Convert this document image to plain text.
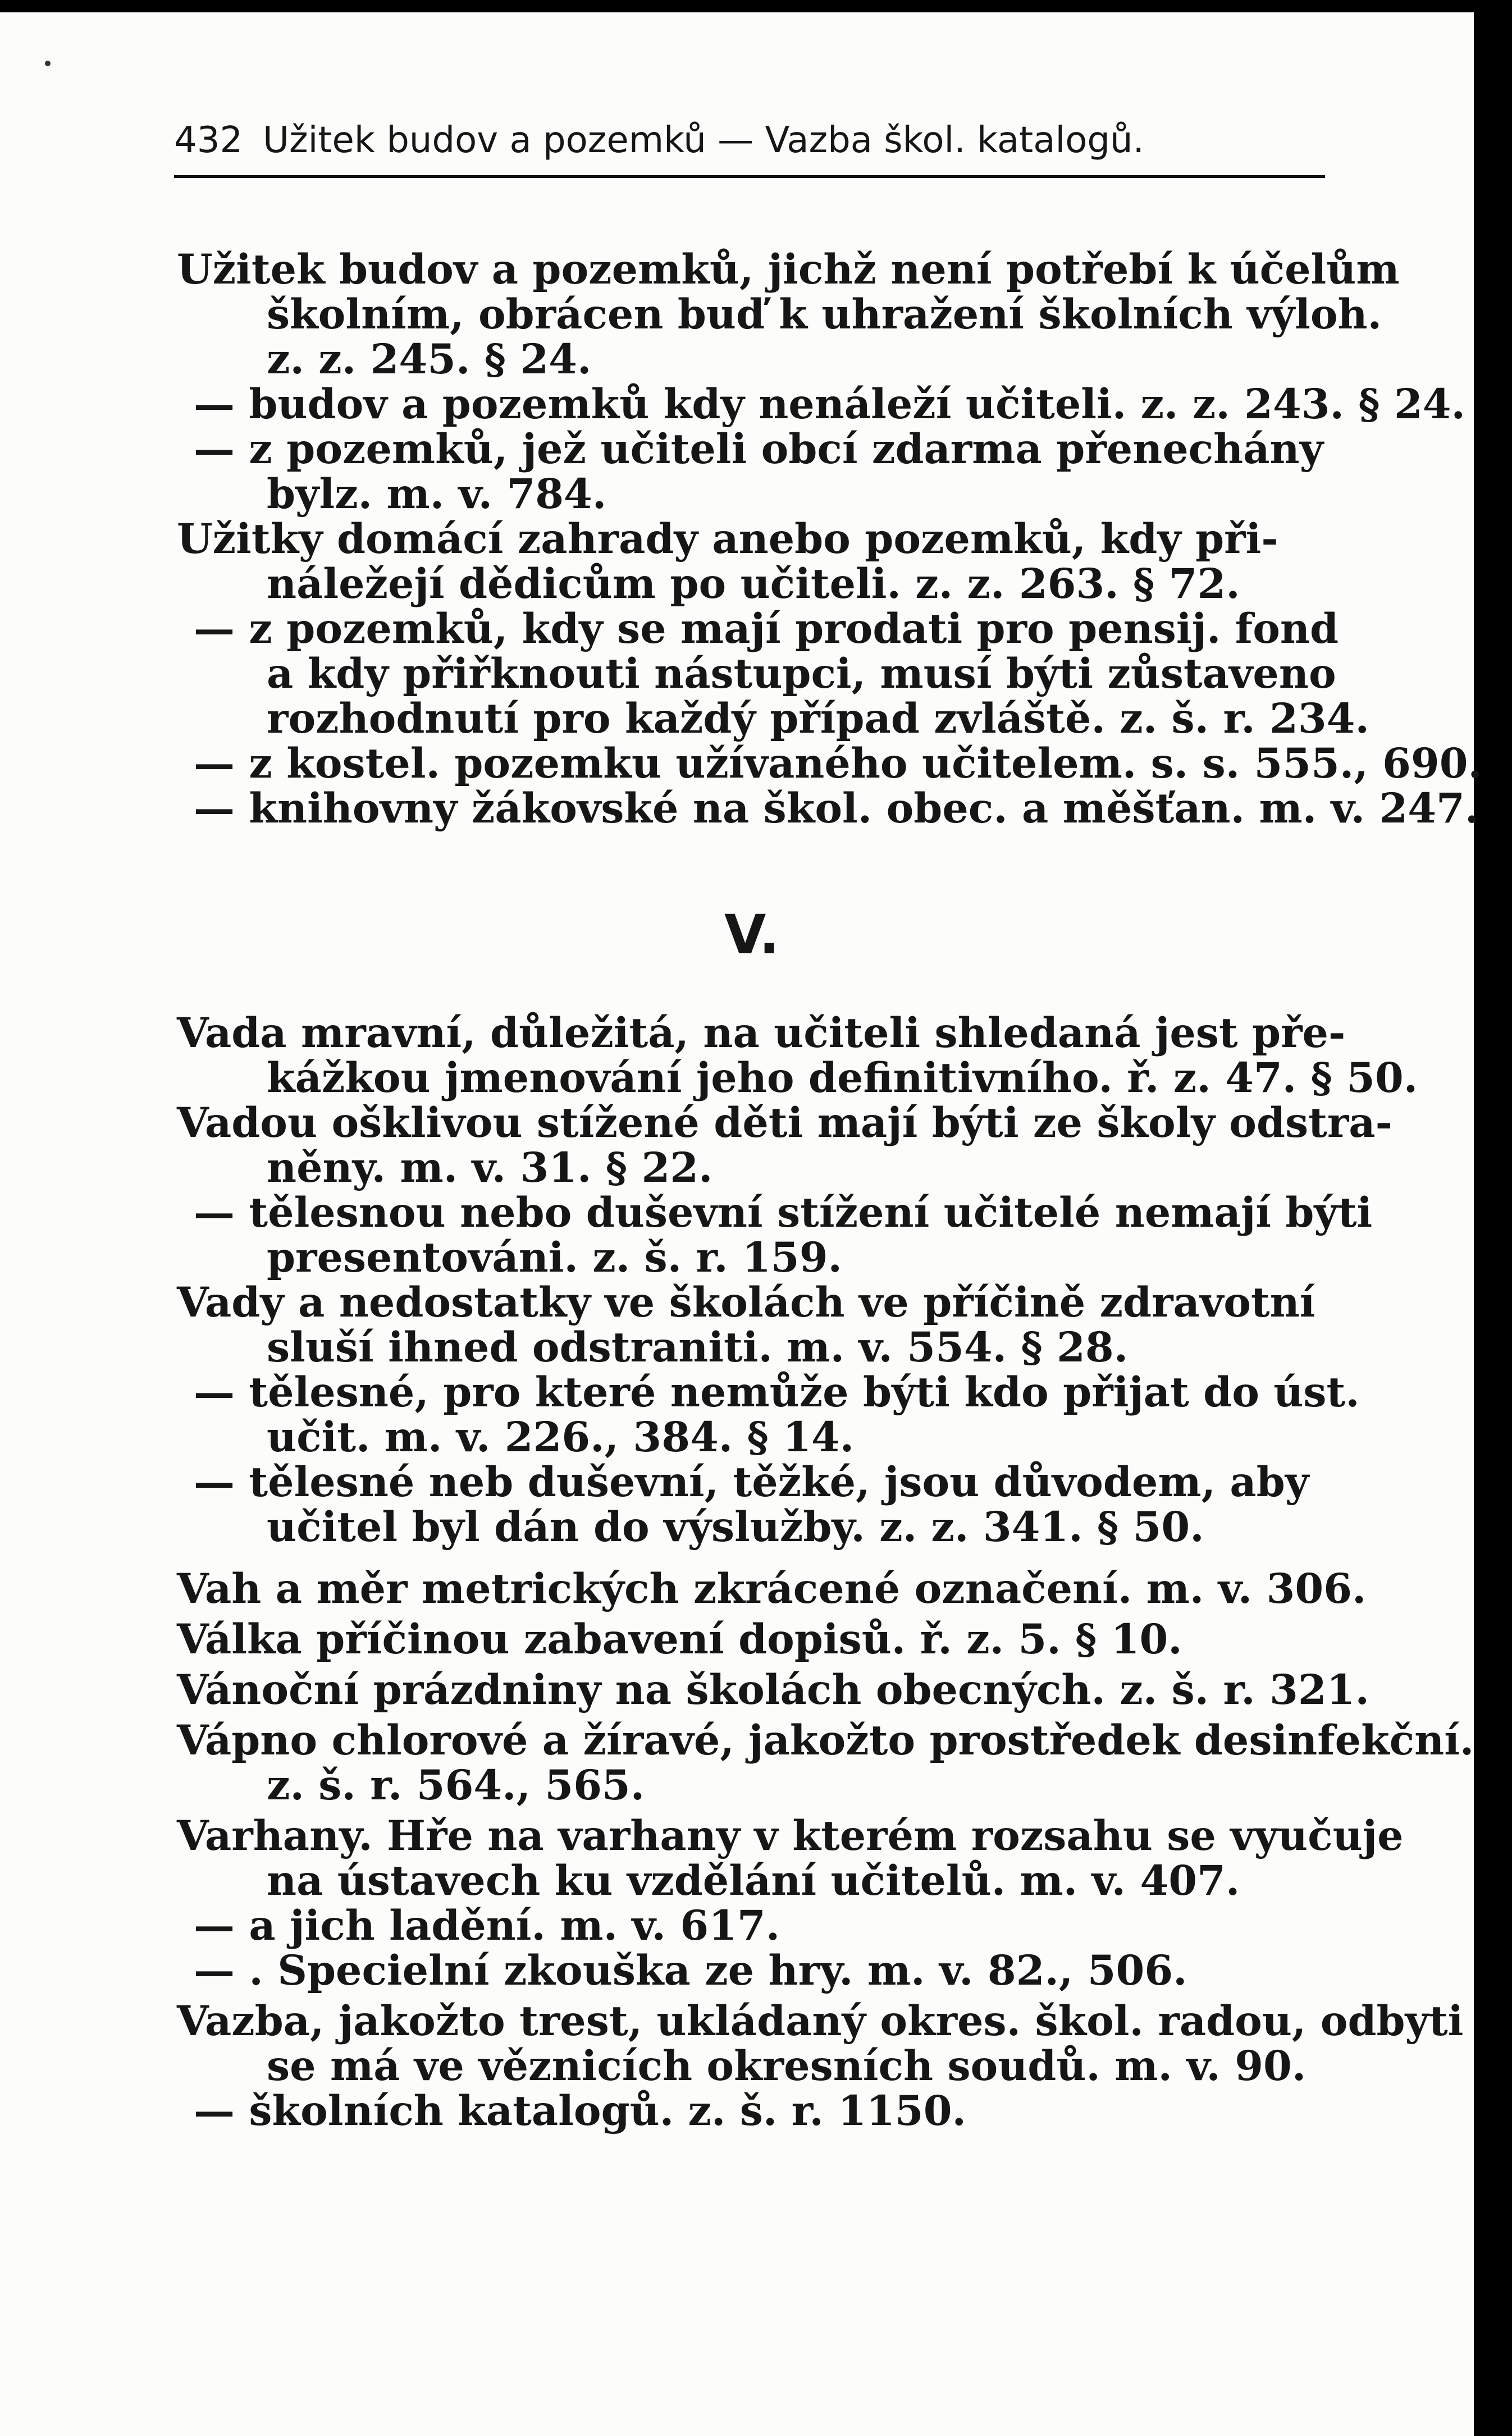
432 Užitek budov a pozemků — Vazba škol. katalogů.
Užitek budov a pozemků, jichž není potřebí k účelům
školním, obrácen buď k uhražení školních výloh.
z. z. 245. § 24.
— budov a pozemků kdy nenáleží učiteli. z. z. 243. § 24.
— z pozemků, jež učiteli obcí zdarma přenechány
bylz. m. v. 784.
Užitky domácí zahrady anebo pozemků, kdy při-
náležejí dědicům po učiteli. z. z. 263. § 72.
— z pozemků, kdy se mají prodati pro pensij. fond
a kdy přiřknouti nástupci, musí býti zůstaveno
rozhodnutí pro každý případ zvláště. z. š. r. 234.
— z kostel. pozemku užívaného učitelem. s. s. 555., 690.
— knihovny žákovské na škol. obec. a měšťan. m. v. 247.
V.
Vada mravní, důležitá, na učiteli shledaná jest pře-
kážkou jmenování jeho definitivního. ř. z. 47. § 50.
Vadou ošklivou stížené děti mají býti ze školy odstra-
něny. m. v. 31. § 22.
— tělesnou nebo duševní stížení učitelé nemají býti
presentováni. z. š. r. 159.
Vady a nedostatky ve školách ve příčině zdravotní
sluší ihned odstraniti. m. v. 554. § 28.
— tělesné, pro které nemůže býti kdo přijat do úst.
učit. m. v. 226., 384. § 14.
— tělesné neb duševní, těžké, jsou důvodem, aby
učitel byl dán do výslužby. z. z. 341. § 50.
Vah a měr metrických zkrácené označení. m. v. 306.
Válka příčinou zabavení dopisů. ř. z. 5. § 10.
Vánoční prázdniny na školách obecných. z. š. r. 321.
Vápno chlorové a žíravé, jakožto prostředek desinfekční.
z. š. r. 564., 565.
Varhany. Hře na varhany v kterém rozsahu se vyučuje
na ústavech ku vzdělání učitelů. m. v. 407.
— a jich ladění. m. v. 617.
— . Specielní zkouška ze hry. m. v. 82., 506.
Vazba, jakožto trest, ukládaný okres. škol. radou, odbyti
se má ve věznicích okresních soudů. m. v. 90.
— školních katalogů. z. š. r. 1150.
